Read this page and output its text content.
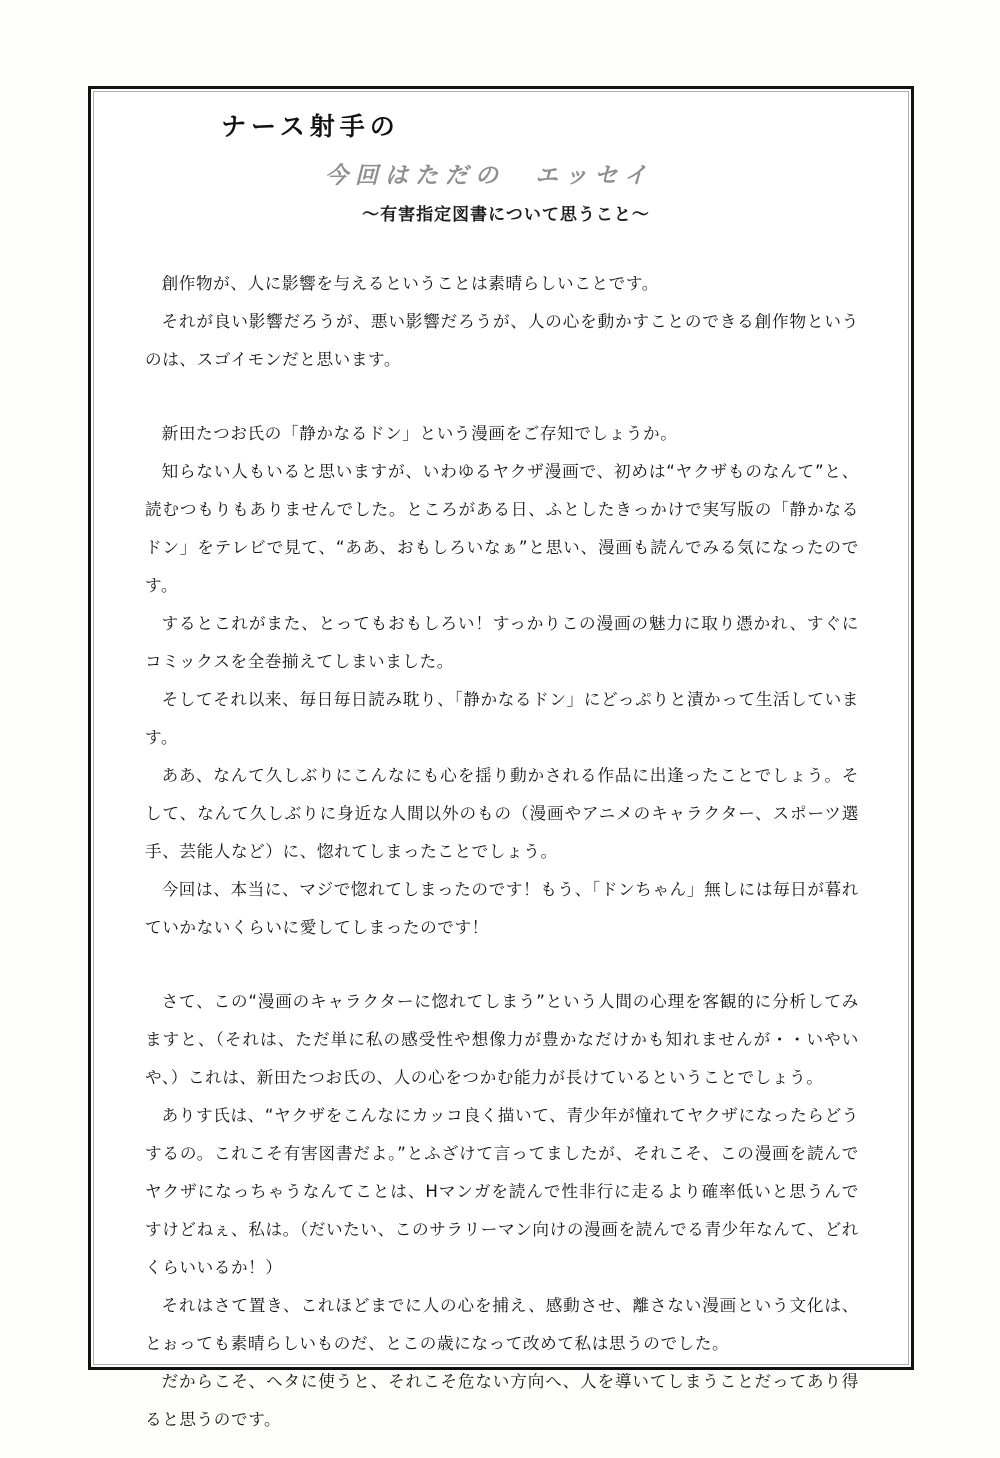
ナース射手の
今回はただの　エッセイ
〜有害指定図書について思うこと〜

創作物が、人に影響を与えるということは素晴らしいことです。

それが良い影響だろうが、悪い影響だろうが、人の心を動かすことのできる創作物というのは、スゴイモンだと思います。

新田たつお氏の「静かなるドン」という漫画をご存知でしょうか。

知らない人もいると思いますが、いわゆるヤクザ漫画で、初めは“ヤクザものなんて”と、読むつもりもありませんでした。ところがある日、ふとしたきっかけで実写版の「静かなるドン」をテレビで見て、“ああ、おもしろいなぁ”と思い、漫画も読んでみる気になったのです。

するとこれがまた、とってもおもしろい！すっかりこの漫画の魅力に取り憑かれ、すぐにコミックスを全巻揃えてしまいました。

そしてそれ以来、毎日毎日読み耽り、「静かなるドン」にどっぷりと漬かって生活しています。

ああ、なんて久しぶりにこんなにも心を揺り動かされる作品に出逢ったことでしょう。そして、なんて久しぶりに身近な人間以外のもの（漫画やアニメのキャラクター、スポーツ選手、芸能人など）に、惚れてしまったことでしょう。

今回は、本当に、マジで惚れてしまったのです！もう、「ドンちゃん」無しには毎日が暮れていかないくらいに愛してしまったのです！

さて、この“漫画のキャラクターに惚れてしまう”という人間の心理を客観的に分析してみますと、（それは、ただ単に私の感受性や想像力が豊かなだけかも知れませんが・・いやいや、）これは、新田たつお氏の、人の心をつかむ能力が長けているということでしょう。

ありす氏は、“ヤクザをこんなにカッコ良く描いて、青少年が憧れてヤクザになったらどうするの。これこそ有害図書だよ。”とふざけて言ってましたが、それこそ、この漫画を読んでヤクザになっちゃうなんてことは、Hマンガを読んで性非行に走るより確率低いと思うんですけどねぇ、私は。（だいたい、このサラリーマン向けの漫画を読んでる青少年なんて、どれくらいいるか！）

それはさて置き、これほどまでに人の心を捕え、感動させ、離さない漫画という文化は、とぉっても素晴らしいものだ、とこの歳になって改めて私は思うのでした。

だからこそ、ヘタに使うと、それこそ危ない方向へ、人を導いてしまうことだってあり得ると思うのです。
